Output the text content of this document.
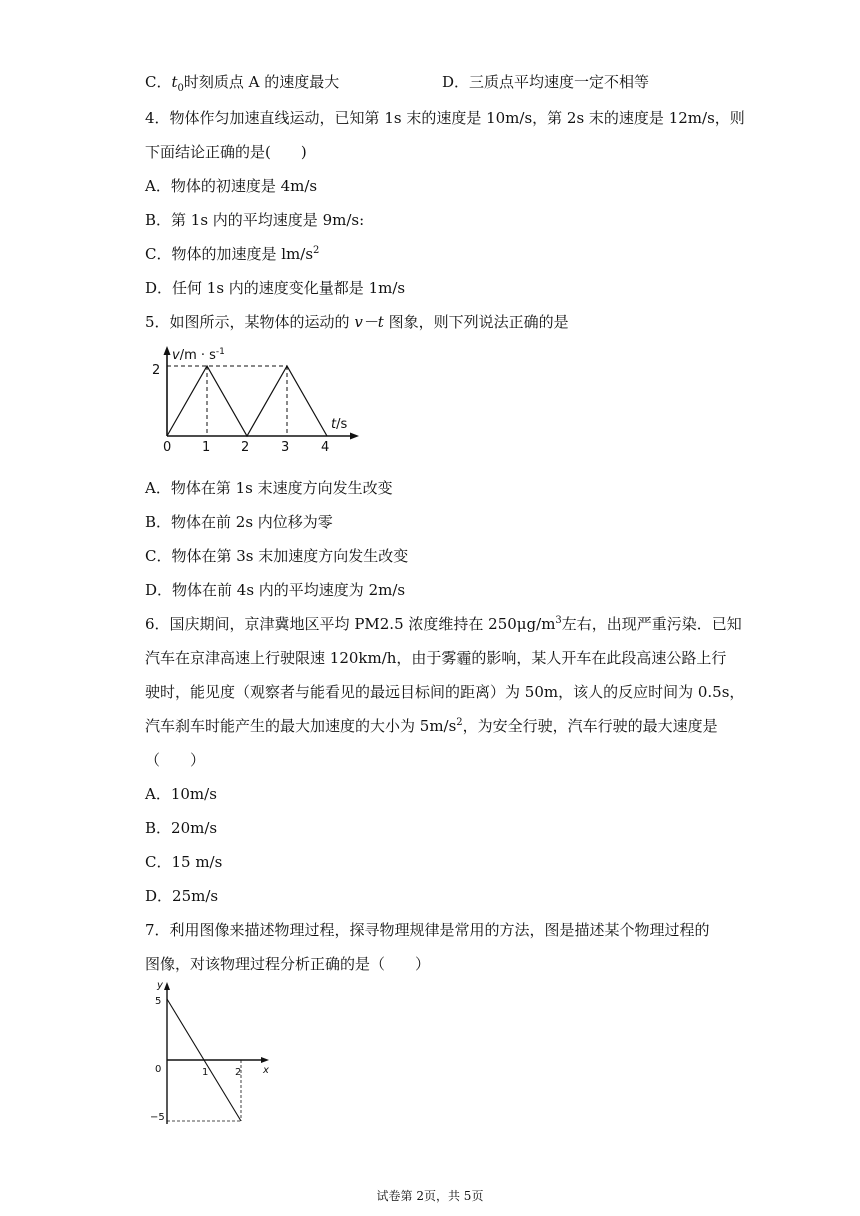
C．$t_0$时刻质点 A 的速度最大	D．三质点平均速度一定不相等
4．物体作匀加速直线运动，已知第 1s 末的速度是 10m/s，第 2s 末的速度是 12m/s，则
下面结论正确的是(　　)
A．物体的初速度是 4m/s
B．第 1s 内的平均速度是 9m/s:
C．物体的加速度是 $lm/s^2$
D．任何 1s 内的速度变化量都是 1m/s
5．如图所示，某物体的运动的 v－t 图象，则下列说法正确的是
$v/m \cdot s^{-1}$
2
t/s
0 1 2 3 4
A．物体在第 1s 末速度方向发生改变
B．物体在前 2s 内位移为零
C．物体在第 3s 末加速度方向发生改变
D．物体在前 4s 内的平均速度为 2m/s
6．国庆期间，京津冀地区平均 PM2.5 浓度维持在 $250\mu g/m^3$左右，出现严重污染．已知
汽车在京津高速上行驶限速 120km/h，由于雾霾的影响，某人开车在此段高速公路上行
驶时，能见度（观察者与能看见的最远目标间的距离）为 50m，该人的反应时间为 0.5s，
汽车刹车时能产生的最大加速度的大小为 $5m/s^2$，为安全行驶，汽车行驶的最大速度是
（　　）
A．10m/s
B．20m/s
C．15 m/s
D．25m/s
7．利用图像来描述物理过程，探寻物理规律是常用的方法，图是描述某个物理过程的
图像，对该物理过程分析正确的是（　　）
y
x
5
0
−5
1	2
试卷第 2页，共 5页
